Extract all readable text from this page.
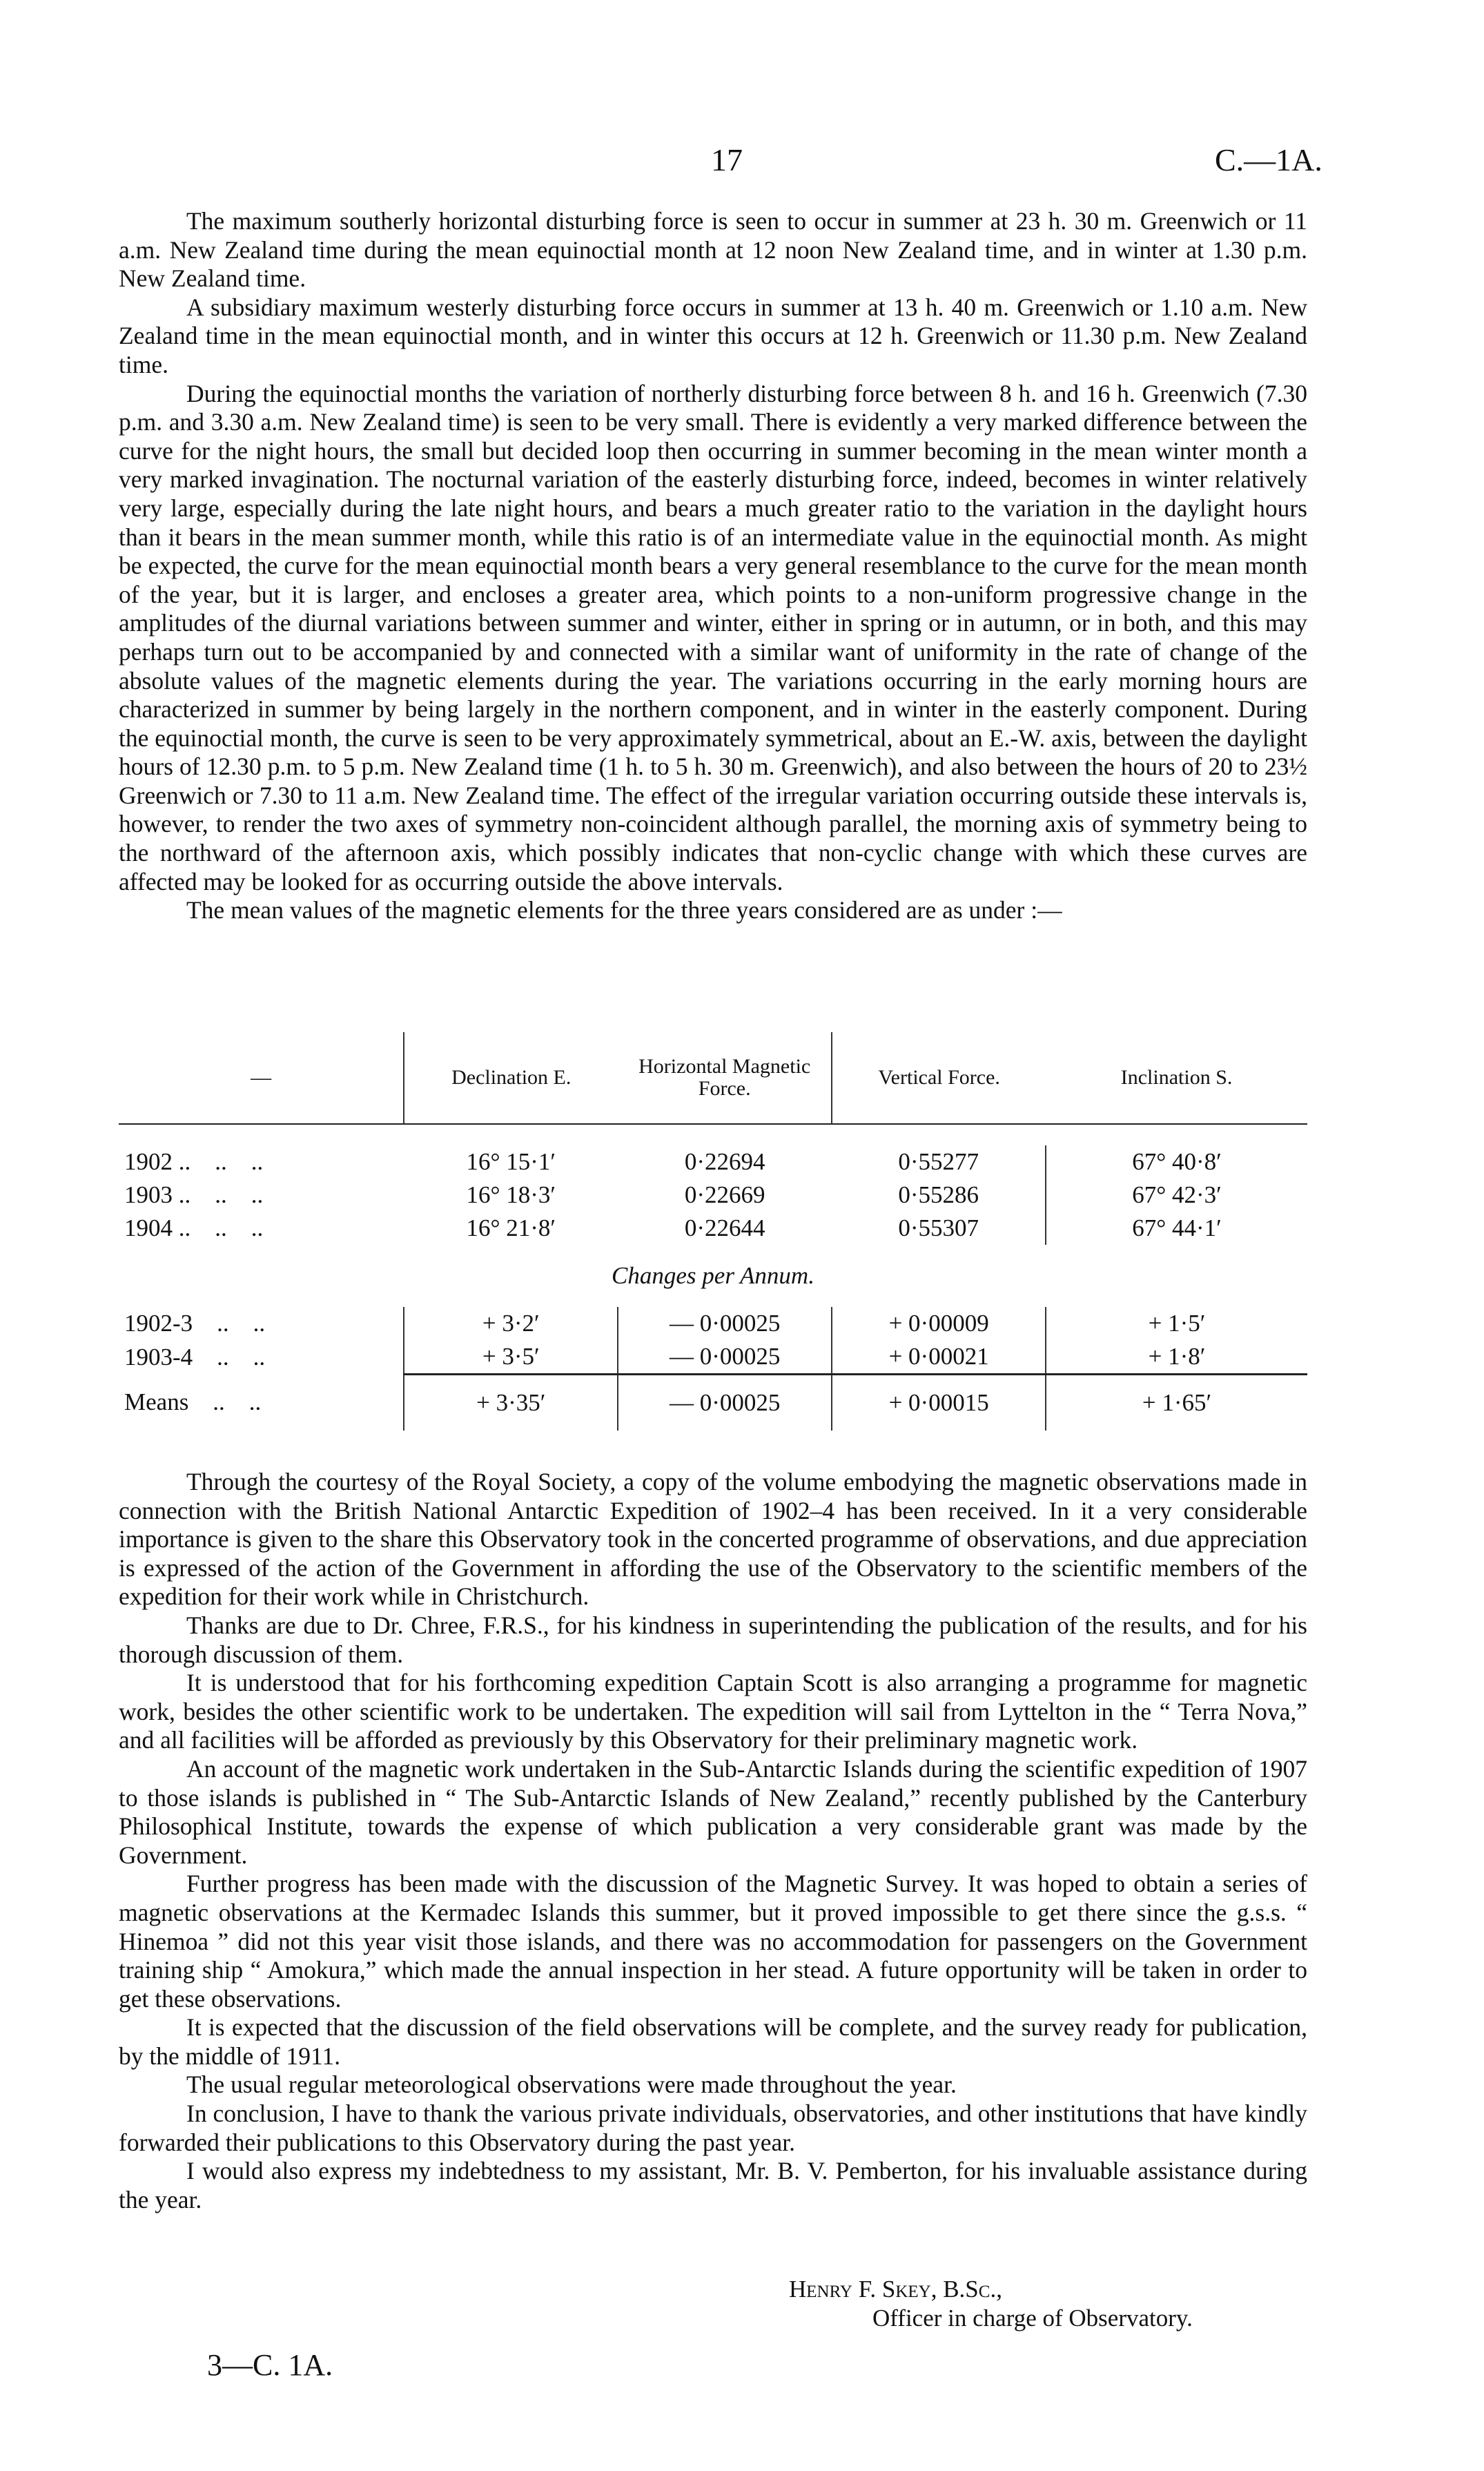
17	C.—1A.

The maximum southerly horizontal disturbing force is seen to occur in summer at 23 h. 30 m. Greenwich or 11 a.m. New Zealand time during the mean equinoctial month at 12 noon New Zealand time, and in winter at 1.30 p.m. New Zealand time.

A subsidiary maximum westerly disturbing force occurs in summer at 13 h. 40 m. Greenwich or 1.10 a.m. New Zealand time in the mean equinoctial month, and in winter this occurs at 12 h. Greenwich or 11.30 p.m. New Zealand time.

During the equinoctial months the variation of northerly disturbing force between 8 h. and 16 h. Greenwich (7.30 p.m. and 3.30 a.m. New Zealand time) is seen to be very small. There is evidently a very marked difference between the curve for the night hours, the small but decided loop then occurring in summer becoming in the mean winter month a very marked invagination. The nocturnal variation of the easterly disturbing force, indeed, becomes in winter relatively very large, especially during the late night hours, and bears a much greater ratio to the variation in the daylight hours than it bears in the mean summer month, while this ratio is of an intermediate value in the equinoctial month. As might be expected, the curve for the mean equinoctial month bears a very general resemblance to the curve for the mean month of the year, but it is larger, and encloses a greater area, which points to a non-uniform progressive change in the amplitudes of the diurnal variations between summer and winter, either in spring or in autumn, or in both, and this may perhaps turn out to be accompanied by and connected with a similar want of uniformity in the rate of change of the absolute values of the magnetic elements during the year. The variations occurring in the early morning hours are characterized in summer by being largely in the northern component, and in winter in the easterly component. During the equinoctial month, the curve is seen to be very approximately symmetrical, about an E.-W. axis, between the daylight hours of 12.30 p.m. to 5 p.m. New Zealand time (1 h. to 5 h. 30 m. Greenwich), and also between the hours of 20 to 23½ Greenwich or 7.30 to 11 a.m. New Zealand time. The effect of the irregular variation occurring outside these intervals is, however, to render the two axes of symmetry non-coincident although parallel, the morning axis of symmetry being to the northward of the afternoon axis, which possibly indicates that non-cyclic change with which these curves are affected may be looked for as occurring outside the above intervals.

The mean values of the magnetic elements for the three years considered are as under :—

—	Declination E.	Horizontal Magnetic Force.	Vertical Force.	Inclination S.

1902 ..    ..    ..	16° 15·1′	0·22694	0·55277	67° 40·8′
1903 ..    ..    ..	16° 18·3′	0·22669	0·55286	67° 42·3′
1904 ..    ..    ..	16° 21·8′	0·22644	0·55307	67° 44·1′
Changes per Annum.				
1902-3    ..    ..	+ 3·2′	— 0·00025	+ 0·00009	+ 1·5′
1903-4    ..    ..	+ 3·5′	— 0·00025	+ 0·00021	+ 1·8′
Means    ..    ..	+ 3·35′	— 0·00025	+ 0·00015	+ 1·65′

Through the courtesy of the Royal Society, a copy of the volume embodying the magnetic observations made in connection with the British National Antarctic Expedition of 1902–4 has been received. In it a very considerable importance is given to the share this Observatory took in the concerted programme of observations, and due appreciation is expressed of the action of the Government in affording the use of the Observatory to the scientific members of the expedition for their work while in Christchurch.

Thanks are due to Dr. Chree, F.R.S., for his kindness in superintending the publication of the results, and for his thorough discussion of them.

It is understood that for his forthcoming expedition Captain Scott is also arranging a programme for magnetic work, besides the other scientific work to be undertaken. The expedition will sail from Lyttelton in the “ Terra Nova,” and all facilities will be afforded as previously by this Observatory for their preliminary magnetic work.

An account of the magnetic work undertaken in the Sub-Antarctic Islands during the scientific expedition of 1907 to those islands is published in “ The Sub-Antarctic Islands of New Zealand,” recently published by the Canterbury Philosophical Institute, towards the expense of which publication a very considerable grant was made by the Government.

Further progress has been made with the discussion of the Magnetic Survey. It was hoped to obtain a series of magnetic observations at the Kermadec Islands this summer, but it proved impossible to get there since the g.s.s. “ Hinemoa ” did not this year visit those islands, and there was no accommodation for passengers on the Government training ship “ Amokura,” which made the annual inspection in her stead. A future opportunity will be taken in order to get these observations.

It is expected that the discussion of the field observations will be complete, and the survey ready for publication, by the middle of 1911.

The usual regular meteorological observations were made throughout the year.

In conclusion, I have to thank the various private individuals, observatories, and other institutions that have kindly forwarded their publications to this Observatory during the past year.

I would also express my indebtedness to my assistant, Mr. B. V. Pemberton, for his invaluable assistance during the year.

Henry F. Skey, B.Sc.,
Officer in charge of Observatory.
3—C. 1A.
